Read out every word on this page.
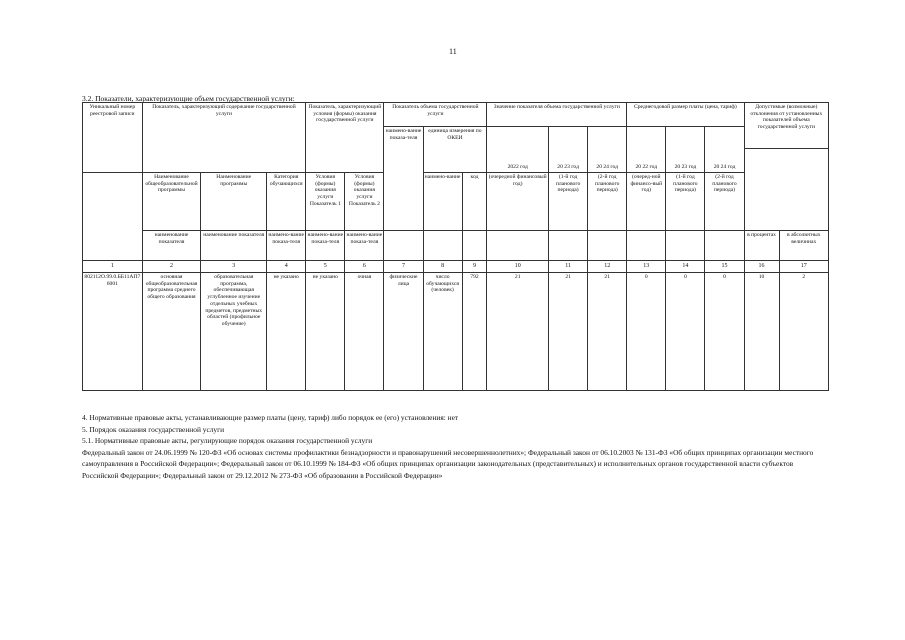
11
3.2. Показатели, характеризующие объем государственной услуги:
Уникальный номер реестровой записи	Показатель, характеризующий содержание государственной услуги			Показатель, характеризующий условия (формы) оказания государственной услуги		Показатель объема государственной услуги			Значение показателя объема государственной услуги			Среднегодовой размер платы (цена, тариф)			Допустимые (возможные) отклонения от установленных показателей объема государственной услуги	
						наимено-вание показа-теля	единица измерения по ОКЕИ		2022 год	20 23 год	20 24 год	20 22 год	20 23 год	20 24 год		

	Наименование общеобразовательной программы	Наименование программы	Категория обучающихся	Условия (формы) оказания услуги Показатель 1	Условия (формы) оказания услуги Показатель 2		наимено-вание	код	(очередной финансовый год)	(1-й год планового периода)	(2-й год планового периода)	(очеред-ной финансо-вый год)	(1-й год планового периода)	(2-й год планового периода)		
	наименование показателя	наименование показателя	наимено-вание показа-теля	наимено-вание показа-теля	наимено-вание показа-теля										в процентах	в абсолютных величинах
1	2	3	4	5	6	7	8	9	10	11	12	13	14	15	16	17
802112О.99.0.ББ11АП76001	основная общеобразовательная программа среднего общего образования	образовательная программа, обеспечивающая углубленное изучение отдельных учебных предметов, предметных областей (профильное обучение)	не указано	не указано	очная	физические лица	число обучающихся (человек)	792	21	21	21	0	0	0	10	2

4. Нормативные правовые акты, устанавливающие размер платы (цену, тариф) либо порядок ее (его) установления: нет

5. Порядок оказания государственной услуги

5.1. Нормативные правовые акты, регулирующие порядок оказания государственной услуги

Федеральный закон от 24.06.1999 № 120-ФЗ «Об основах системы профилактики безнадзорности и правонарушений несовершеннолетних»; Федеральный закон от 06.10.2003 № 131-ФЗ «Об общих принципах организации местного самоуправления в Российской Федерации»; Федеральный закон от 06.10.1999 № 184-ФЗ «Об общих принципах организации законодательных (представительных) и исполнительных органов государственной власти субъектов Российской Федерации»; Федеральный закон от 29.12.2012 № 273-ФЗ «Об образовании в Российской Федерации»
